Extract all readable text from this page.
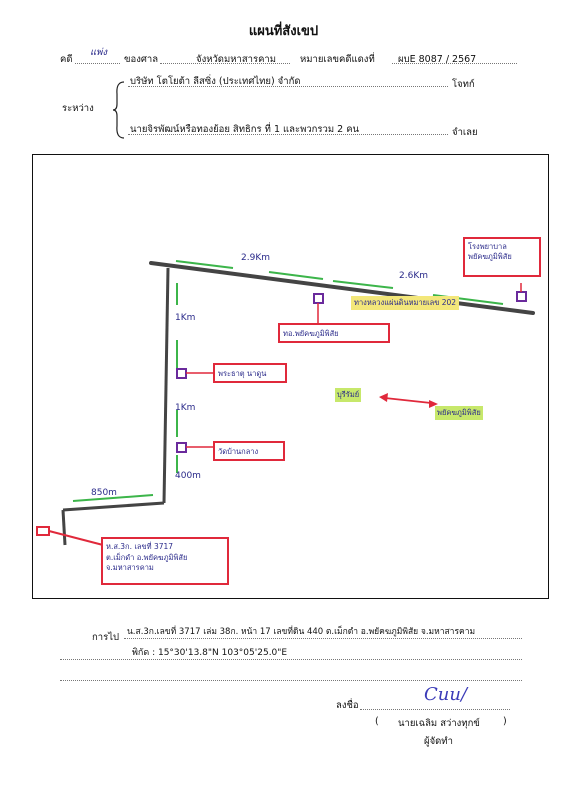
แผนที่สังเขป
คดี
แพ่ง
ของศาล	จังหวัดมหาสารคาม	หมายเลขคดีแดงที่ ผบE 8087 / 2567
ระหว่าง
บริษัท โตโยต้า ลีสซิ่ง (ประเทศไทย) จำกัด	โจทก์
นายจิรพัฒน์หรือทองย้อย สิทธิกร ที่ 1 และพวกรวม 2 คน	จำเลย
2.9Km
2.6Km
1Km
1Km
400m
850m
โรงพยาบาล พยัคฆภูมิพิสัย
ทางหลวงแผ่นดินหมายเลข 202
ทอ.พยัคฆภูมิพิสัย
พระธาตุ นาดูน
วัดบ้านกลาง
บุรีรัมย์
พยัคฆภูมิพิสัย
ห.ส.3ก. เลขที่ 3717
ต.เม็กดำ อ.พยัคฆภูมิพิสัย
จ.มหาสารคาม
การไป น.ส.3ก.เลขที่ 3717 เล่ม 38ก. หน้า 17 เลขที่ดิน 440 ต.เม็กดำ อ.พยัคฆภูมิพิสัย จ.มหาสารคาม
พิกัด : 15°30'13.8"N 103°05'25.0"E
ลงชื่อ
Cuu/
( นายเฉลิม สว่างทุกข์ )
ผู้จัดทำ
